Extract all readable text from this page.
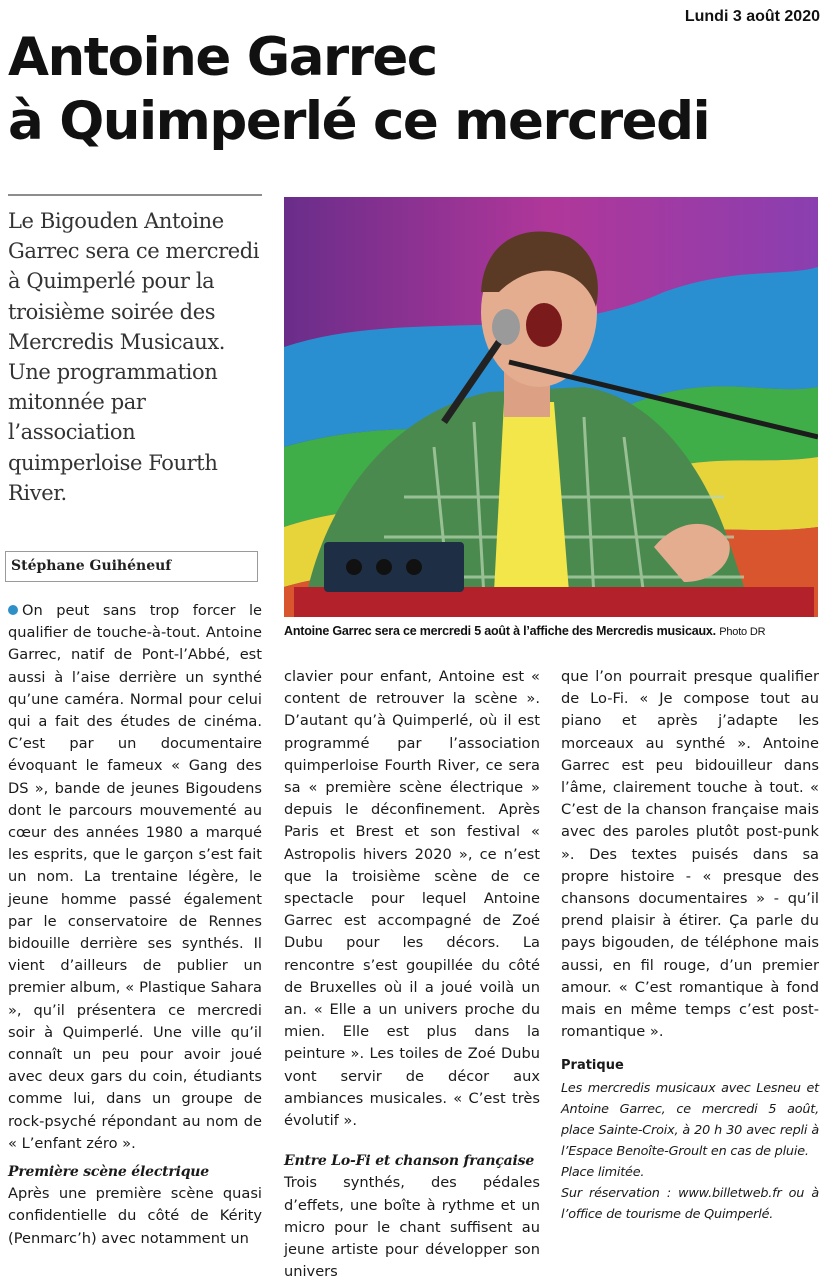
Lundi 3 août 2020
Antoine Garrec
à Quimperlé ce mercredi

Le Bigouden Antoine Garrec sera ce mercredi à Quimperlé pour la troisième soirée des Mercredis Musicaux. Une programmation mitonnée par l’association quimperloise Fourth River.

Stéphane Guihéneuf
Antoine Garrec sera ce mercredi 5 août à l’affiche des Mercredis musicaux. Photo DR

On peut sans trop forcer le qualifier de touche-à-tout. Antoine Garrec, natif de Pont-l’Abbé, est aussi à l’aise derrière un synthé qu’une caméra. Normal pour celui qui a fait des études de cinéma. C’est par un documentaire évoquant le fameux « Gang des DS », bande de jeunes Bigoudens dont le parcours mouvementé au cœur des années 1980 a marqué les esprits, que le garçon s’est fait un nom. La trentaine légère, le jeune homme passé également par le conservatoire de Rennes bidouille derrière ses synthés. Il vient d’ailleurs de publier un premier album, « Plastique Sahara », qu’il présentera ce mercredi soir à Quimperlé. Une ville qu’il connaît un peu pour avoir joué avec deux gars du coin, étudiants comme lui, dans un groupe de rock-psyché répondant au nom de « L’enfant zéro ».

Première scène électrique

Après une première scène quasi confidentielle du côté de Kérity (Penmarc’h) avec notamment un

clavier pour enfant, Antoine est « content de retrouver la scène ». D’autant qu’à Quimperlé, où il est programmé par l’association quimperloise Fourth River, ce sera sa « première scène électrique » depuis le déconfinement. Après Paris et Brest et son festival « Astropolis hivers 2020 », ce n’est que la troisième scène de ce spectacle pour lequel Antoine Garrec est accompagné de Zoé Dubu pour les décors. La rencontre s’est goupillée du côté de Bruxelles où il a joué voilà un an. « Elle a un univers proche du mien. Elle est plus dans la peinture ». Les toiles de Zoé Dubu vont servir de décor aux ambiances musicales. « C’est très évolutif ».

Entre Lo-Fi et chanson française

Trois synthés, des pédales d’effets, une boîte à rythme et un micro pour le chant suffisent au jeune artiste pour développer son univers

que l’on pourrait presque qualifier de Lo-Fi. « Je compose tout au piano et après j’adapte les morceaux au synthé ». Antoine Garrec est peu bidouilleur dans l’âme, clairement touche à tout. « C’est de la chanson française mais avec des paroles plutôt post-punk ». Des textes puisés dans sa propre histoire - « presque des chansons documentaires » - qu’il prend plaisir à étirer. Ça parle du pays bigouden, de téléphone mais aussi, en fil rouge, d’un premier amour. « C’est romantique à fond mais en même temps c’est post-romantique ».

Pratique

Les mercredis musicaux avec Lesneu et Antoine Garrec, ce mercredi 5 août, place Sainte-Croix, à 20 h 30 avec repli à l’Espace Benoîte-Groult en cas de pluie.

Place limitée.

Sur réservation : www.billetweb.fr ou à l’office de tourisme de Quimperlé.
